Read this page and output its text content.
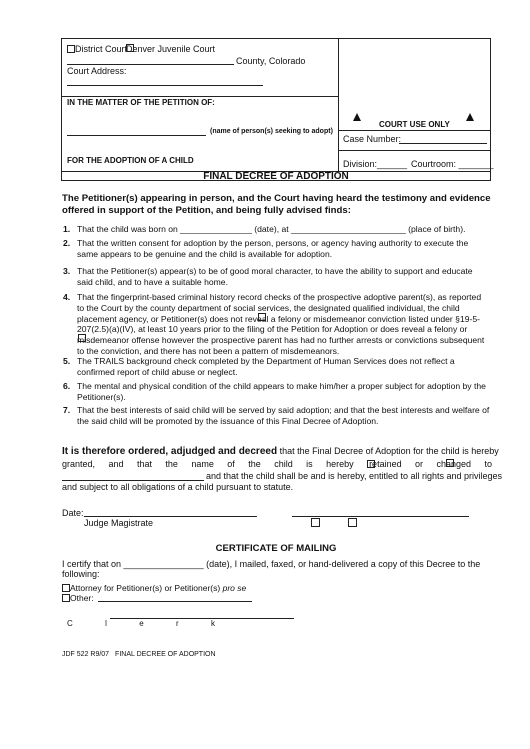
District CourtDenver Juvenile Court
County, Colorado
Court Address:
IN THE MATTER OF THE PETITION OF:
(name of person(s) seeking to adopt)
FOR THE ADOPTION OF A CHILD
COURT USE ONLY
Case Number:
Division:______ Courtroom: _______
FINAL DECREE OF ADOPTION
The Petitioner(s) appearing in person, and the Court having heard the testimony and evidence offered in support of the Petition, and being fully advised finds:
1. That the child was born on _______________ (date), at ________________________ (place of birth).
2. That the written consent for adoption by the person, persons, or agency having authority to execute the same appears to be genuine and the child is available for adoption.
3. That the Petitioner(s) appear(s) to be of good moral character, to have the ability to support and educate said child, and to have a suitable home.
4. That the fingerprint-based criminal history record checks of the prospective adoptive parent(s), as reported to the Court by the county department of social services, the designated qualified individual, the child placement agency, or Petitioner(s) does not reveal a felony or misdemeanor conviction listed under §19-5-207(2.5)(a)(IV), at least 10 years prior to the filing of the Petition for Adoption or does reveal a felony or misdemeanor offense however the prospective parent has had no further arrests or convictions subsequent to the conviction, and there has not been a pattern of misdemeanors.
5. The TRAILS background check completed by the Department of Human Services does not reflect a confirmed report of child abuse or neglect.
6. The mental and physical condition of the child appears to make him/her a proper subject for adoption by the Petitioner(s).
7. That the best interests of said child will be served by said adoption; and that the best interests and welfare of the said child will be promoted by the issuance of this Final Decree of Adoption.
It is therefore ordered, adjudged and decreed that the Final Decree of Adoption for the child is hereby
granted, and that the name of the child is hereby retained or changed to
and that the child shall be and is hereby, entitled to all rights and privileges
and subject to all obligations of a child pursuant to statute.
Date:
Judge Magistrate
CERTIFICATE OF MAILING
I certify that on ________________ (date), I mailed, faxed, or hand-delivered a copy of this Decree to the
following:
Attorney for Petitioner(s) or Petitioner(s) pro se
Other:
C	l	e	r	k
JDF 522 R9/07 FINAL DECREE OF ADOPTION
